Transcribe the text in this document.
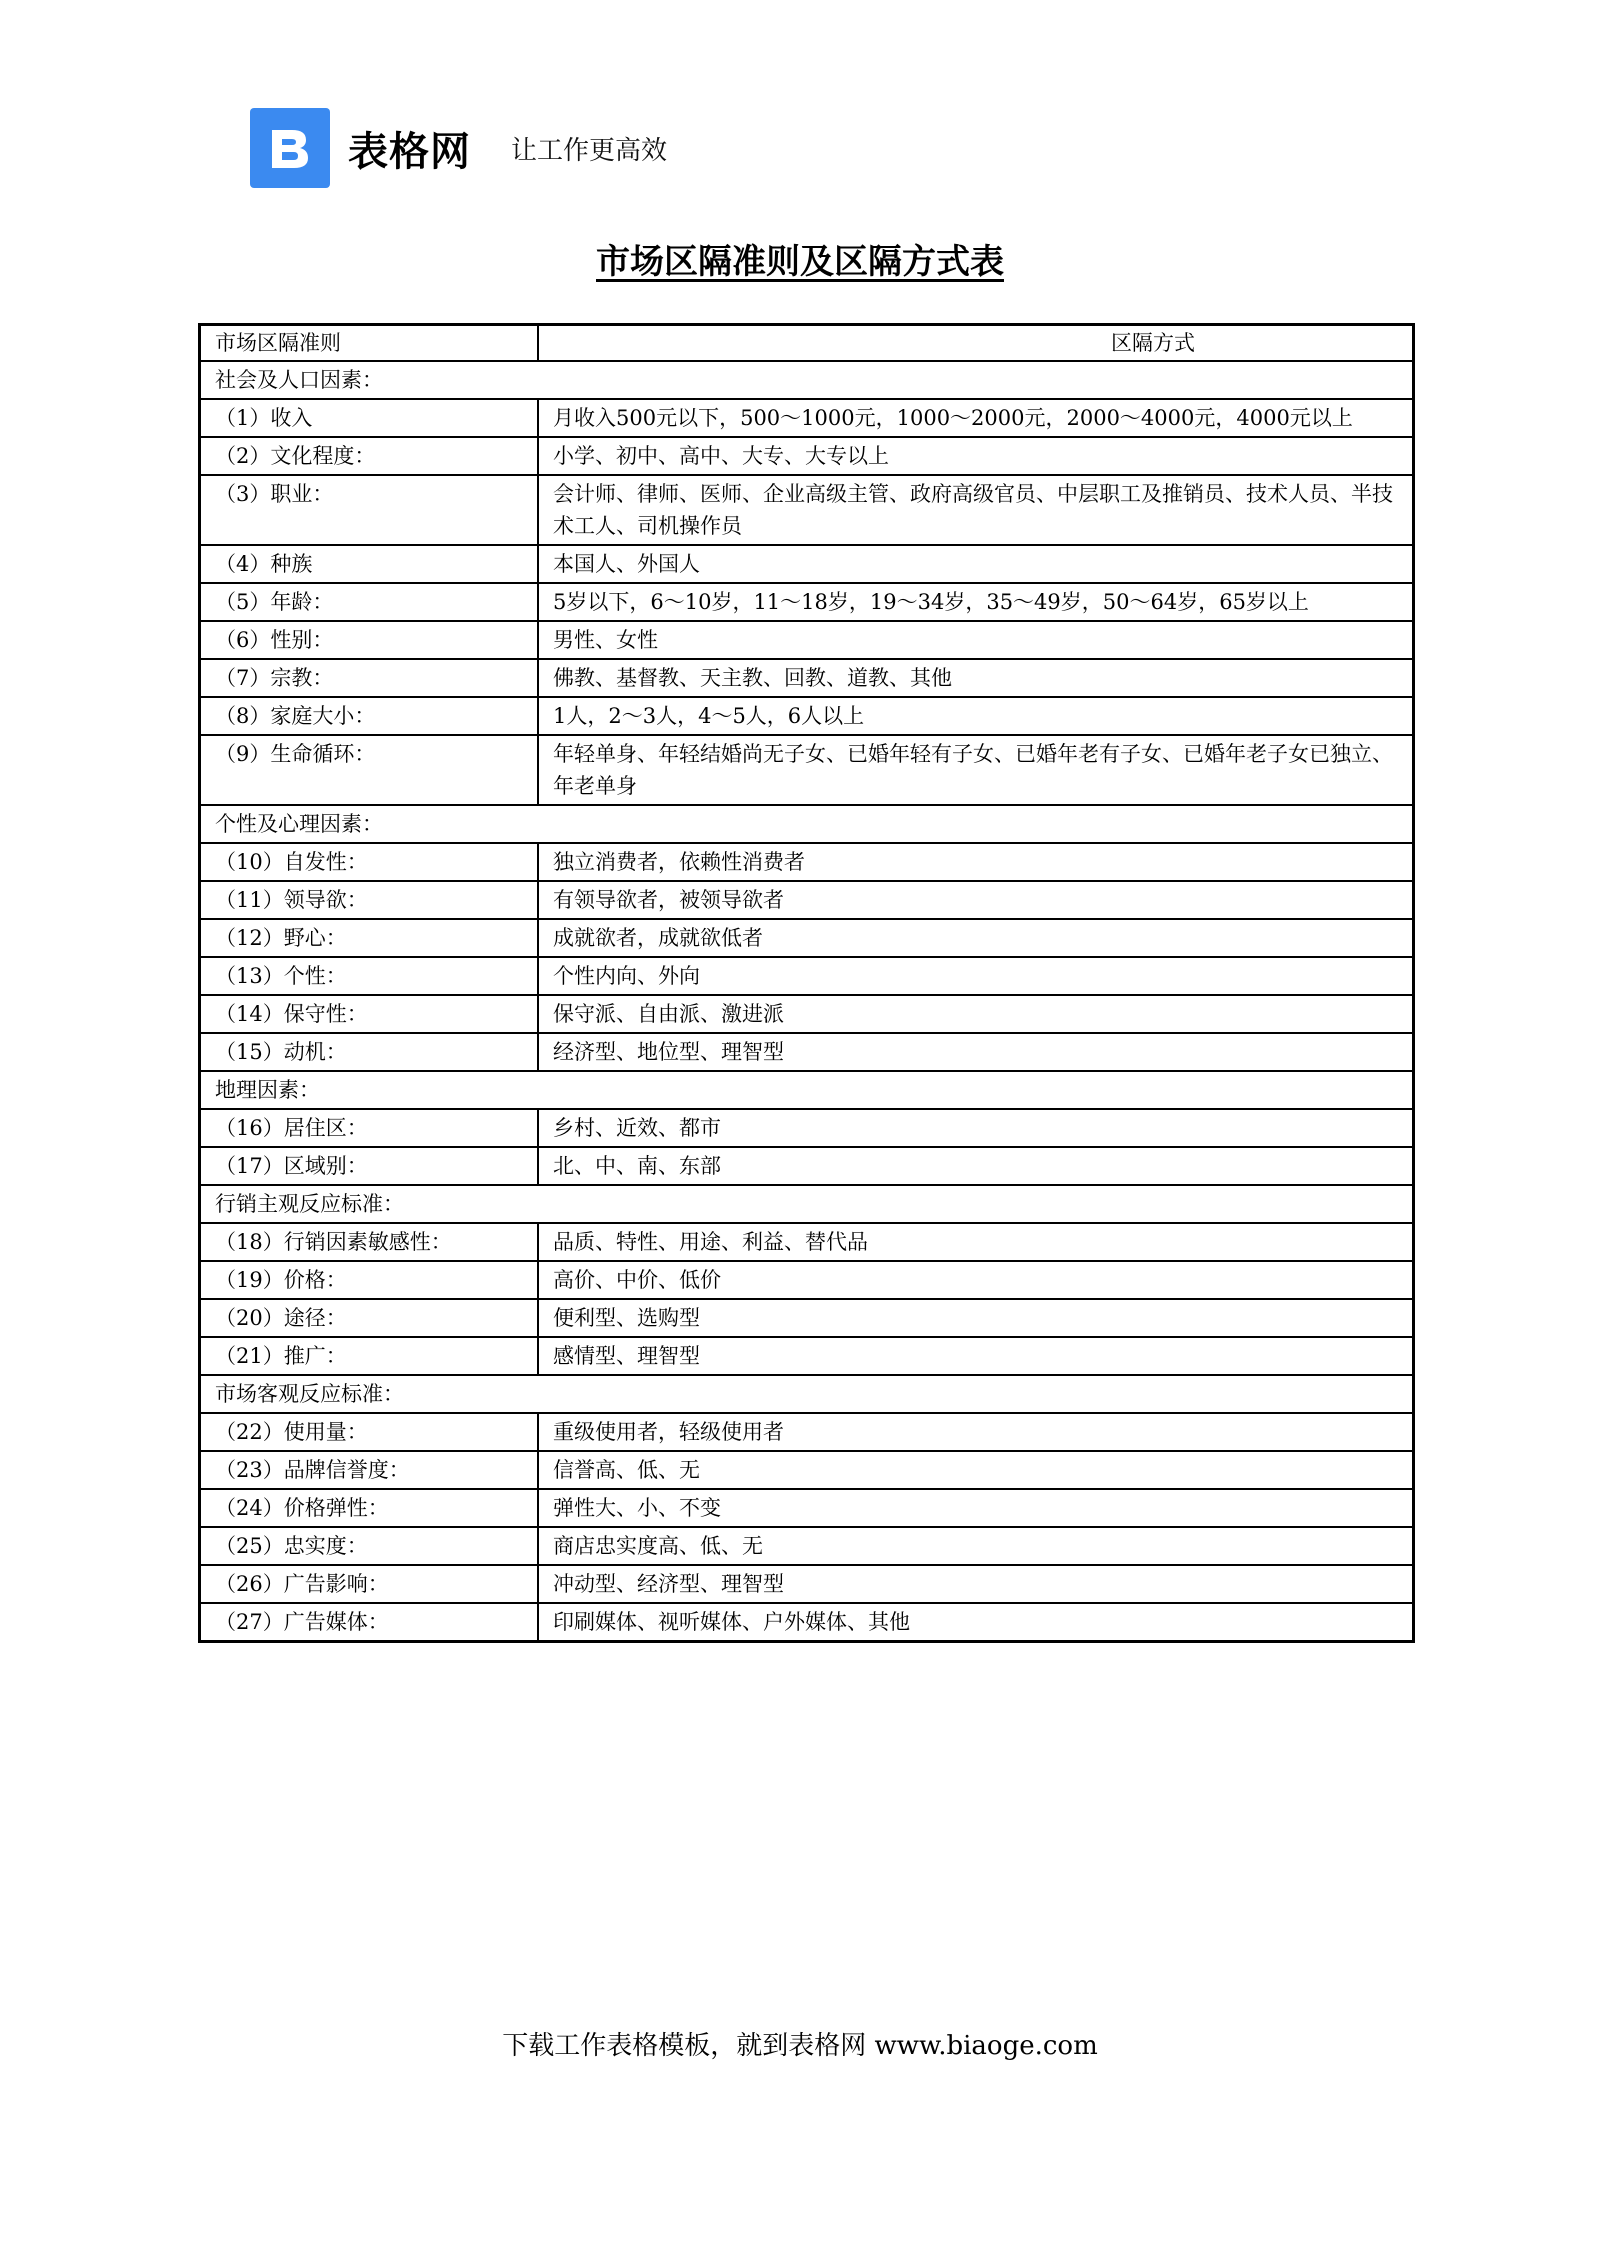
表格网 让工作更高效
市场区隔准则及区隔方式表
市场区隔准则	区隔方式
社会及人口因素：	
（1）收入	月收入500元以下，500～1000元，1000～2000元，2000～4000元，4000元以上
（2）文化程度：	小学、初中、高中、大专、大专以上
（3）职业：	会计师、律师、医师、企业高级主管、政府高级官员、中层职工及推销员、技术人员、半技术工人、司机操作员
（4）种族	本国人、外国人
（5）年龄：	5岁以下，6～10岁，11～18岁，19～34岁，35～49岁，50～64岁，65岁以上
（6）性别：	男性、女性
（7）宗教：	佛教、基督教、天主教、回教、道教、其他
（8）家庭大小：	1人，2～3人，4～5人，6人以上
（9）生命循环：	年轻单身、年轻结婚尚无子女、已婚年轻有子女、已婚年老有子女、已婚年老子女已独立、年老单身
个性及心理因素：	
（10）自发性：	独立消费者，依赖性消费者
（11）领导欲：	有领导欲者，被领导欲者
（12）野心：	成就欲者，成就欲低者
（13）个性：	个性内向、外向
（14）保守性：	保守派、自由派、激进派
（15）动机：	经济型、地位型、理智型
地理因素：	
（16）居住区：	乡村、近效、都市
（17）区域别：	北、中、南、东部
行销主观反应标准：	
（18）行销因素敏感性：	品质、特性、用途、利益、替代品
（19）价格：	高价、中价、低价
（20）途径：	便利型、选购型
（21）推广：	感情型、理智型
市场客观反应标准：	
（22）使用量：	重级使用者，轻级使用者
（23）品牌信誉度：	信誉高、低、无
（24）价格弹性：	弹性大、小、不变
（25）忠实度：	商店忠实度高、低、无
（26）广告影响：	冲动型、经济型、理智型
（27）广告媒体：	印刷媒体、视听媒体、户外媒体、其他
下载工作表格模板，就到表格网 www.biaoge.com
